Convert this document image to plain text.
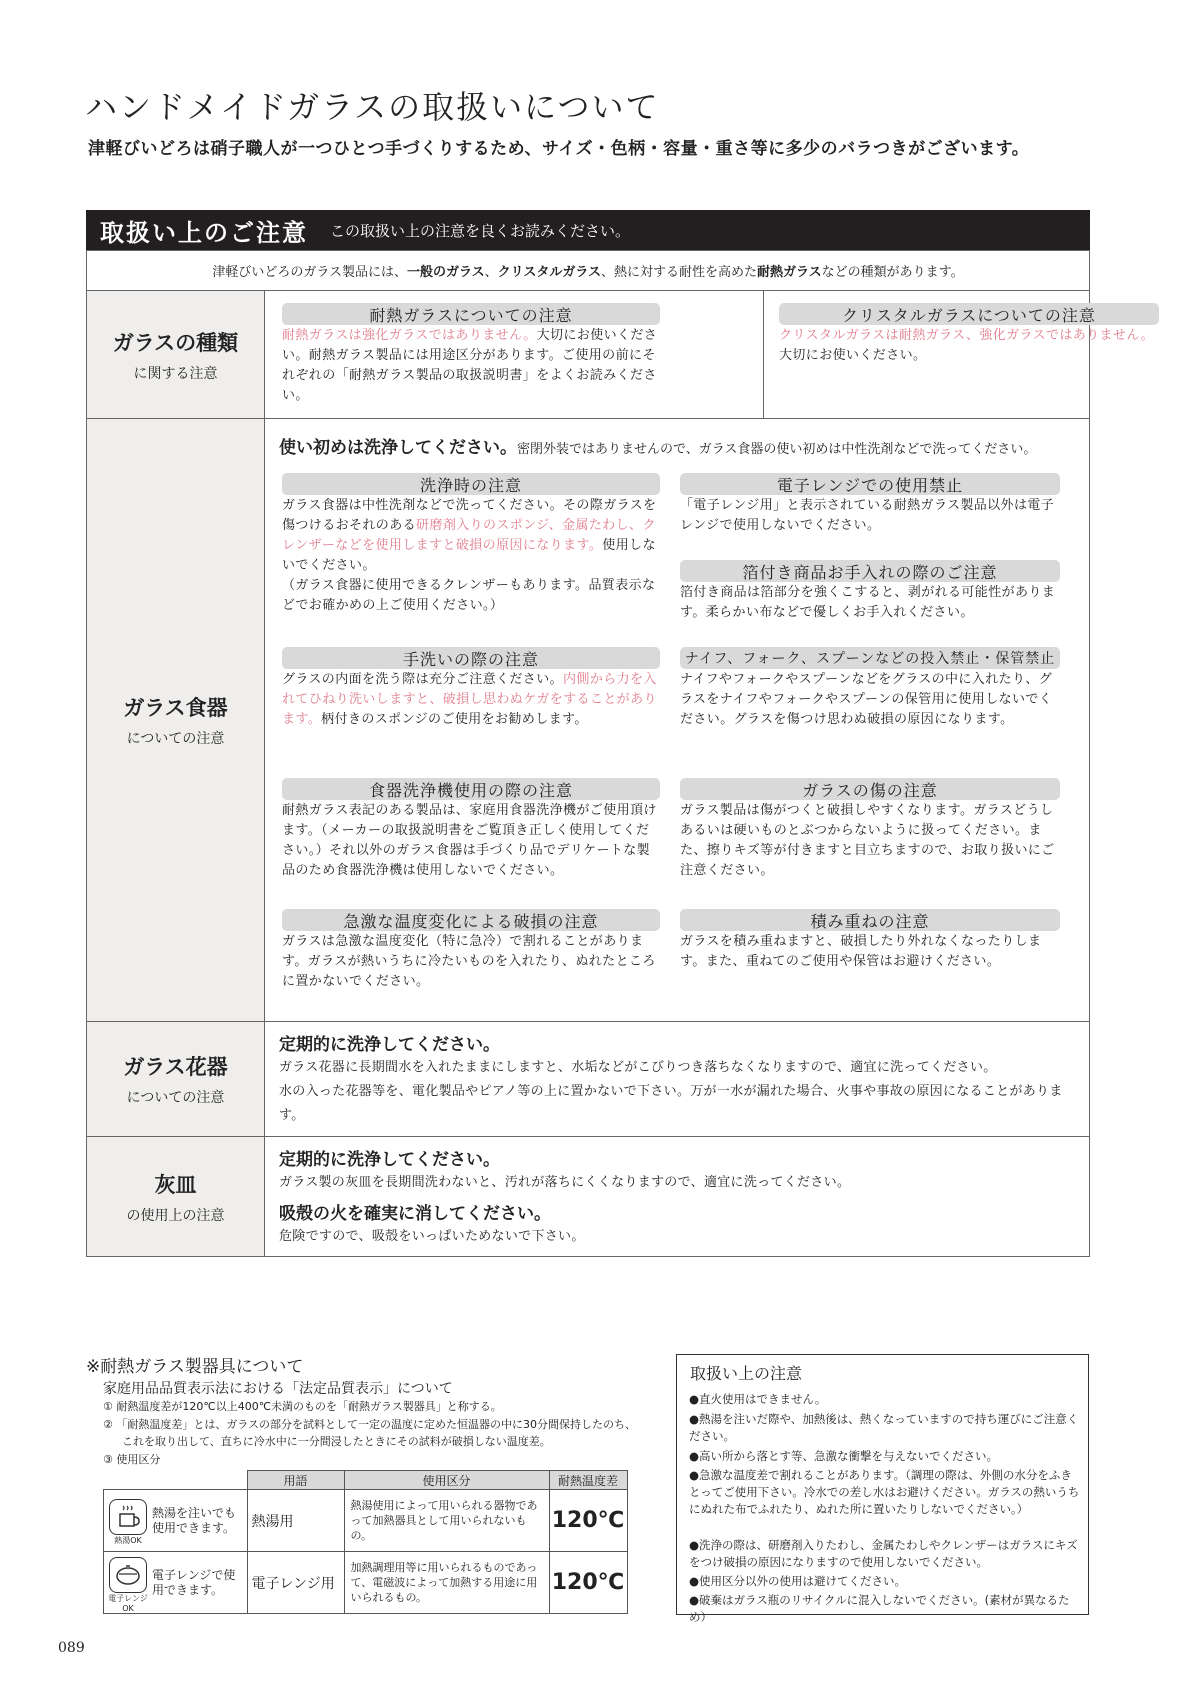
ハンドメイドガラスの取扱いについて
津軽びいどろは硝子職人が一つひとつ手づくりするため、サイズ・色柄・容量・重さ等に多少のバラつきがございます。
取扱い上のご注意 この取扱い上の注意を良くお読みください。
津軽びいどろのガラス製品には、 一般のガラス 、 クリスタルガラス 、熱に対する耐性を高めた 耐熱ガラス などの種類があります。
ガラスの種類
に関する注意
耐熱ガラスについての注意
耐熱ガラスは強化ガラスではありません。大切にお使いください。耐熱ガラス製品には用途区分があります。ご使用の前にそれぞれの「耐熱ガラス製品の取扱説明書」をよくお読みください。
クリスタルガラスについての注意
クリスタルガラスは耐熱ガラス、強化ガラスではありません。大切にお使いください。
ガラス食器
についての注意
使い初めは洗浄してください。密閉外装ではありませんので、ガラス食器の使い初めは中性洗剤などで洗ってください。
洗浄時の注意
ガラス食器は中性洗剤などで洗ってください。その際ガラスを傷つけるおそれのある研磨剤入りのスポンジ、金属たわし、クレンザーなどを使用しますと破損の原因になります。使用しないでください。
（ガラス食器に使用できるクレンザーもあります。品質表示などでお確かめの上ご使用ください。）
電子レンジでの使用禁止
「電子レンジ用」と表示されている耐熱ガラス製品以外は電子レンジで使用しないでください。
箔付き商品お手入れの際のご注意
箔付き商品は箔部分を強くこすると、剥がれる可能性があります。柔らかい布などで優しくお手入れください。
手洗いの際の注意
グラスの内面を洗う際は充分ご注意ください。内側から力を入れてひねり洗いしますと、破損し思わぬケガをすることがあります。柄付きのスポンジのご使用をお勧めします。
ナイフ、フォーク、スプーンなどの投入禁止・保管禁止
ナイフやフォークやスプーンなどをグラスの中に入れたり、グラスをナイフやフォークやスプーンの保管用に使用しないでください。グラスを傷つけ思わぬ破損の原因になります。
食器洗浄機使用の際の注意
耐熱ガラス表記のある製品は、家庭用食器洗浄機がご使用頂けます。（メーカーの取扱説明書をご覧頂き正しく使用してください。）それ以外のガラス食器は手づくり品でデリケートな製品のため食器洗浄機は使用しないでください。
ガラスの傷の注意
ガラス製品は傷がつくと破損しやすくなります。ガラスどうしあるいは硬いものとぶつからないように扱ってください。また、擦りキズ等が付きますと目立ちますので、お取り扱いにご注意ください。
急激な温度変化による破損の注意
ガラスは急激な温度変化（特に急冷）で割れることがあります。ガラスが熱いうちに冷たいものを入れたり、ぬれたところに置かないでください。
積み重ねの注意
ガラスを積み重ねますと、破損したり外れなくなったりします。また、重ねてのご使用や保管はお避けください。
ガラス花器
についての注意
定期的に洗浄してください。
ガラス花器に長期間水を入れたままにしますと、水垢などがこびりつき落ちなくなりますので、適宜に洗ってください。
水の入った花器等を、電化製品やピアノ等の上に置かないで下さい。万が一水が漏れた場合、火事や事故の原因になることがあります。
灰皿
の使用上の注意
定期的に洗浄してください。
ガラス製の灰皿を長期間洗わないと、汚れが落ちにくくなりますので、適宜に洗ってください。
吸殻の火を確実に消してください。
危険ですので、吸殻をいっぱいためないで下さい。
※耐熱ガラス製器具について
家庭用品品質表示法における「法定品質表示」について
① 耐熱温度差が120℃以上400℃未満のものを「耐熱ガラス製器具」と称する。
② 「耐熱温度差」とは、ガラスの部分を試料として一定の温度に定めた恒温器の中に30分間保持したのち、
これを取り出して、直ちに冷水中に一分間浸したときにその試料が破損しない温度差。
③ 使用区分
	用語	使用区分	耐熱温度差

熱湯OK
熱湯を注いでも使用できます。	熱湯用	熱湯使用によって用いられる器物であって加熱器具として用いられないもの。	120℃

電子レンジOK
電子レンジで使用できます。	電子レンジ用	加熱調理用等に用いられるものであって、電磁波によって加熱する用途に用いられるもの。	120℃
取扱い上の注意
●直火使用はできません。
●熱湯を注いだ際や、加熱後は、熱くなっていますので持ち運びにご注意ください。
●高い所から落とす等、急激な衝撃を与えないでください。
●急激な温度差で割れることがあります。（調理の際は、外側の水分をふきとってご使用下さい。冷水での差し水はお避けください。ガラスの熱いうちにぬれた布でふれたり、ぬれた所に置いたりしないでください。）
●洗浄の際は、研磨剤入りたわし、金属たわしやクレンザーはガラスにキズをつけ破損の原因になりますので使用しないでください。
●使用区分以外の使用は避けてください。
●破棄はガラス瓶のリサイクルに混入しないでください。(素材が異なるため）
089
